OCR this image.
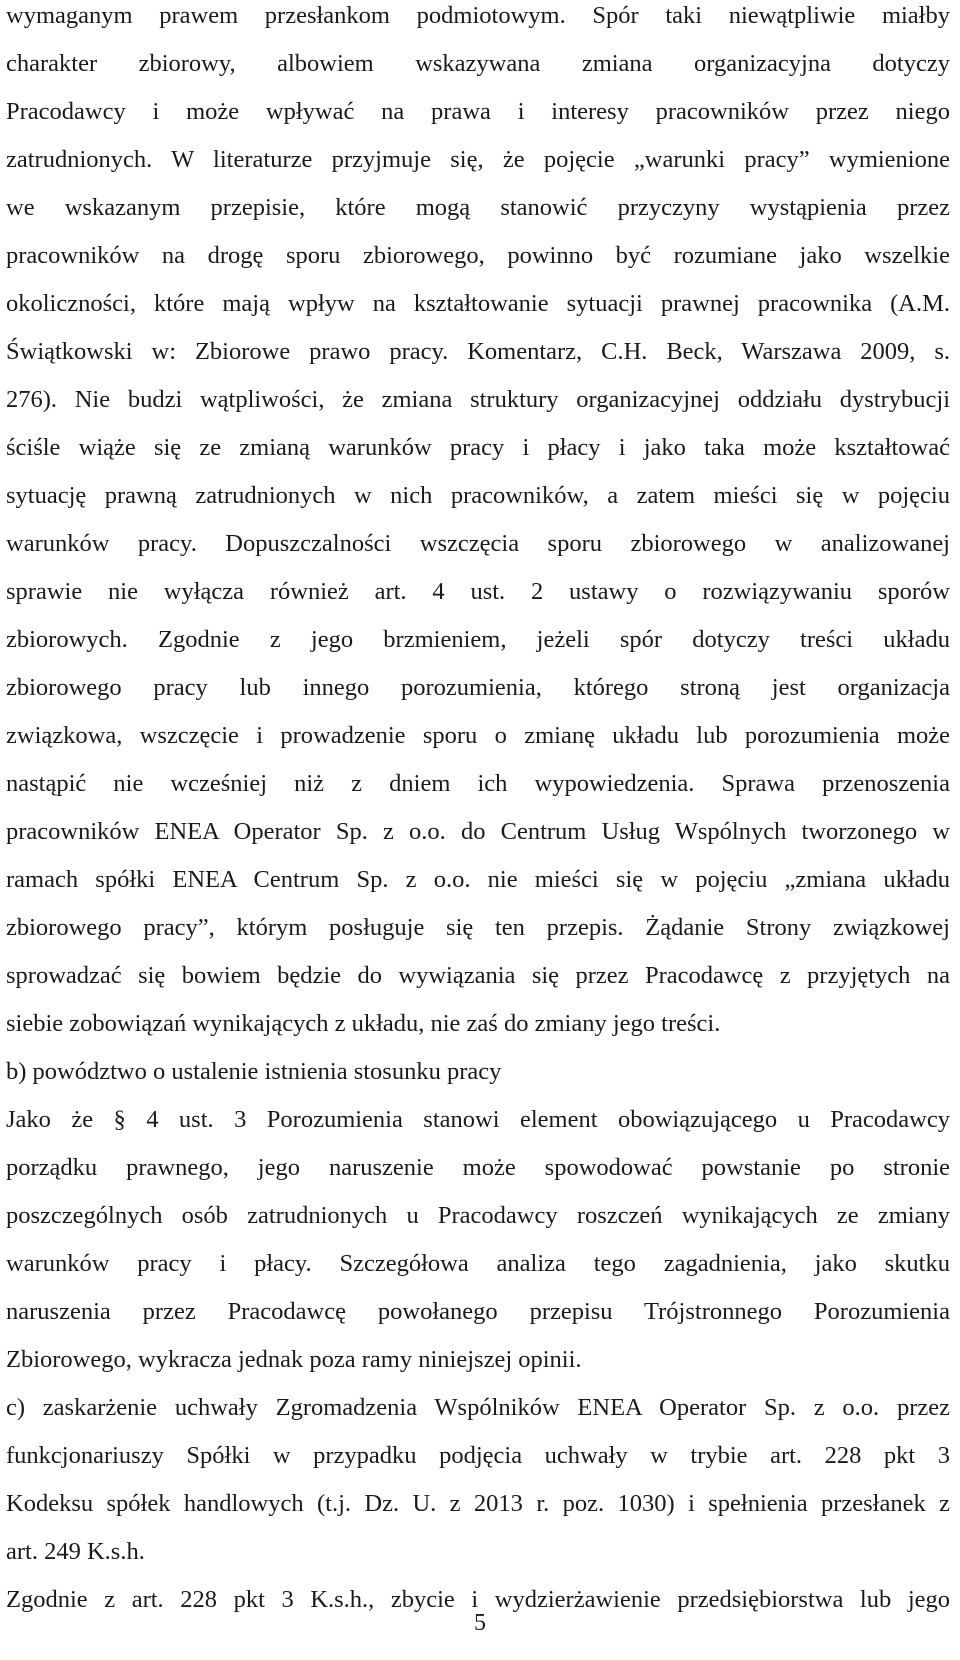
wymaganym prawem przesłankom podmiotowym. Spór taki niewątpliwie miałby

charakter zbiorowy, albowiem wskazywana zmiana organizacyjna dotyczy

Pracodawcy i może wpływać na prawa i interesy pracowników przez niego

zatrudnionych. W literaturze przyjmuje się, że pojęcie „warunki pracy” wymienione

we wskazanym przepisie, które mogą stanowić przyczyny wystąpienia przez

pracowników na drogę sporu zbiorowego, powinno być rozumiane jako wszelkie

okoliczności, które mają wpływ na kształtowanie sytuacji prawnej pracownika (A.M.

Świątkowski w: Zbiorowe prawo pracy. Komentarz, C.H. Beck, Warszawa 2009, s.

276). Nie budzi wątpliwości, że zmiana struktury organizacyjnej oddziału dystrybucji

ściśle wiąże się ze zmianą warunków pracy i płacy i jako taka może kształtować

sytuację prawną zatrudnionych w nich pracowników, a zatem mieści się w pojęciu

warunków pracy. Dopuszczalności wszczęcia sporu zbiorowego w analizowanej

sprawie nie wyłącza również art. 4 ust. 2 ustawy o rozwiązywaniu sporów

zbiorowych. Zgodnie z jego brzmieniem, jeżeli spór dotyczy treści układu

zbiorowego pracy lub innego porozumienia, którego stroną jest organizacja

związkowa, wszczęcie i prowadzenie sporu o zmianę układu lub porozumienia może

nastąpić nie wcześniej niż z dniem ich wypowiedzenia. Sprawa przenoszenia

pracowników ENEA Operator Sp. z o.o. do Centrum Usług Wspólnych tworzonego w

ramach spółki ENEA Centrum Sp. z o.o. nie mieści się w pojęciu „zmiana układu

zbiorowego pracy”, którym posługuje się ten przepis. Żądanie Strony związkowej

sprowadzać się bowiem będzie do wywiązania się przez Pracodawcę z przyjętych na

siebie zobowiązań wynikających z układu, nie zaś do zmiany jego treści.

b) powództwo o ustalenie istnienia stosunku pracy

Jako że § 4 ust. 3 Porozumienia stanowi element obowiązującego u Pracodawcy

porządku prawnego, jego naruszenie może spowodować powstanie po stronie

poszczególnych osób zatrudnionych u Pracodawcy roszczeń wynikających ze zmiany

warunków pracy i płacy. Szczegółowa analiza tego zagadnienia, jako skutku

naruszenia przez Pracodawcę powołanego przepisu Trójstronnego Porozumienia

Zbiorowego, wykracza jednak poza ramy niniejszej opinii.

c) zaskarżenie uchwały Zgromadzenia Wspólników ENEA Operator Sp. z o.o. przez

funkcjonariuszy Spółki w przypadku podjęcia uchwały w trybie art. 228 pkt 3

Kodeksu spółek handlowych (t.j. Dz. U. z 2013 r. poz. 1030) i spełnienia przesłanek z

art. 249 K.s.h.

Zgodnie z art. 228 pkt 3 K.s.h., zbycie i wydzierżawienie przedsiębiorstwa lub jego

5
